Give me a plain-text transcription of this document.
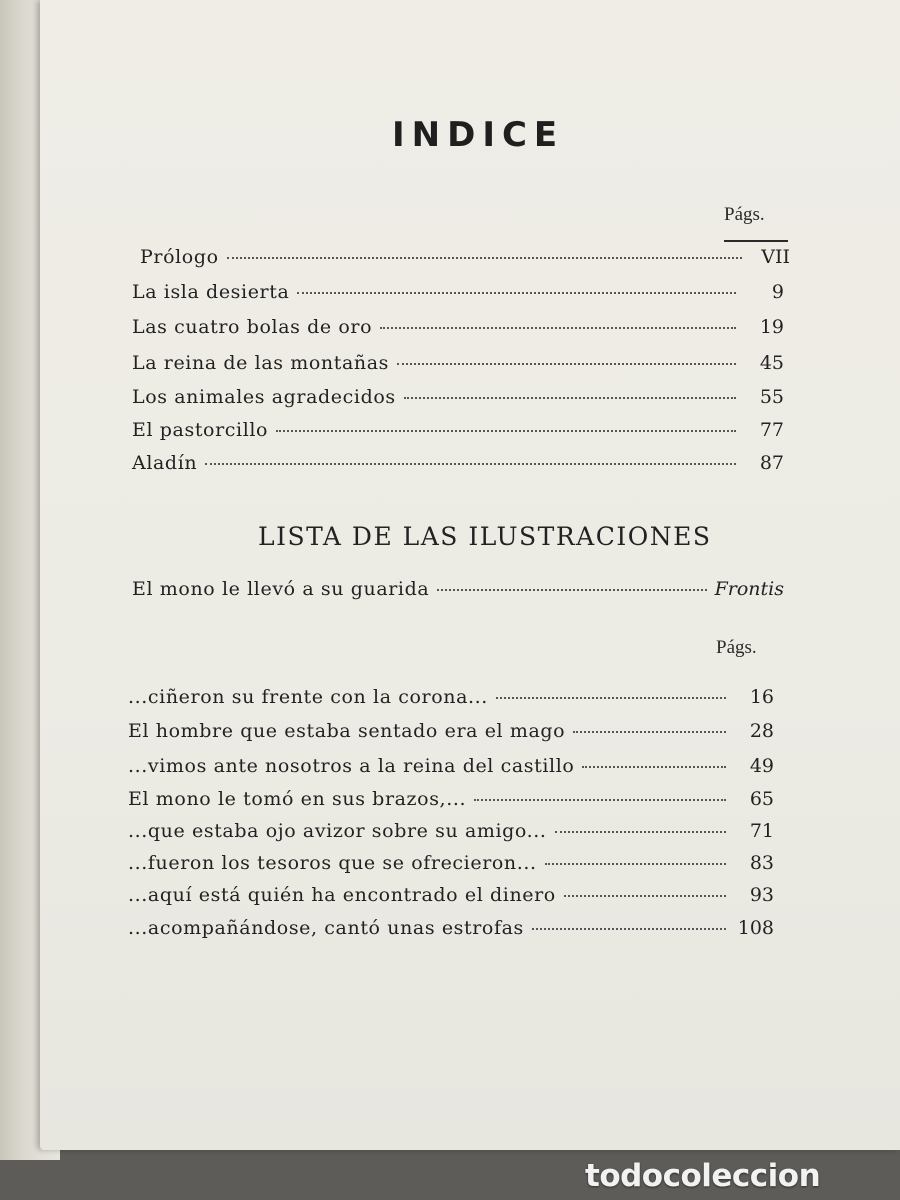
INDICE
Págs.
Prólogo	VII
La isla desierta	9
Las cuatro bolas de oro	19
La reina de las montañas	45
Los animales agradecidos	55
El pastorcillo	77
Aladín	87
LISTA DE LAS ILUSTRACIONES
El mono le llevó a su guarida	Frontis
Págs.
...ciñeron su frente con la corona...	16
El hombre que estaba sentado era el mago	28
...vimos ante nosotros a la reina del castillo	49
El mono le tomó en sus brazos,...	65
...que estaba ojo avizor sobre su amigo...	71
...fueron los tesoros que se ofrecieron...	83
...aquí está quién ha encontrado el dinero	93
...acompañándose, cantó unas estrofas	108
todocoleccion
